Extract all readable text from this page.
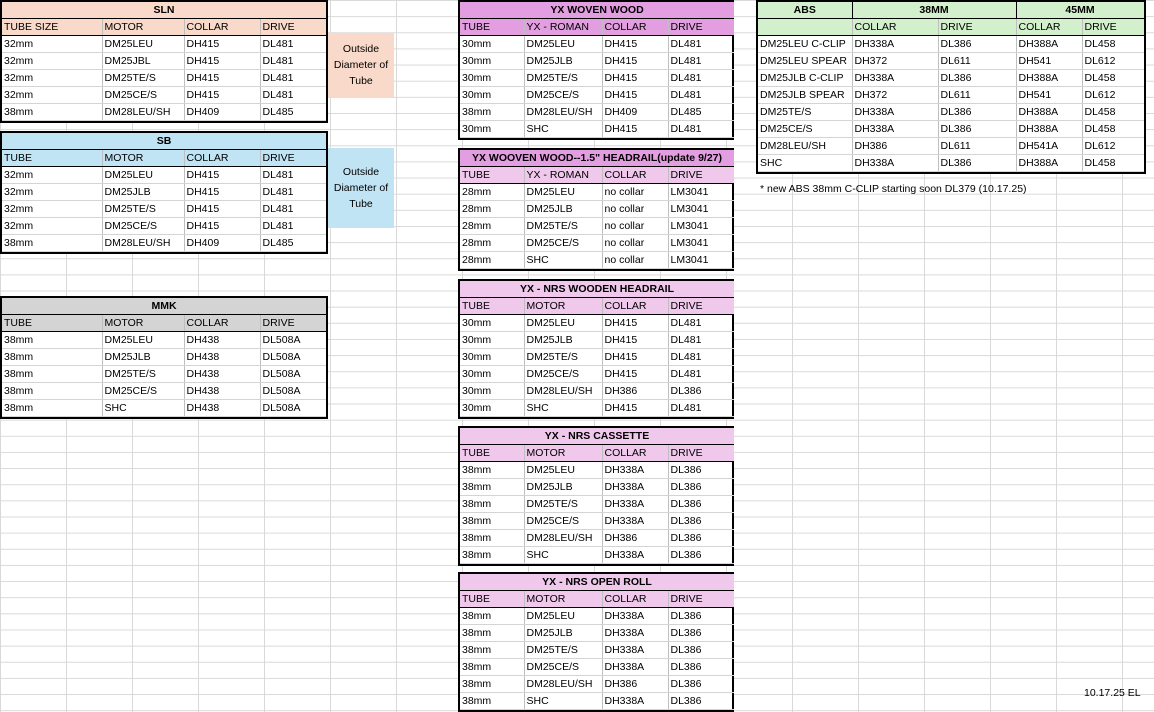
SLN			
TUBE SIZE	MOTOR	COLLAR	DRIVE
32mm	DM25LEU	DH415	DL481
32mm	DM25JBL	DH415	DL481
32mm	DM25TE/S	DH415	DL481
32mm	DM25CE/S	DH415	DL481
38mm	DM28LEU/SH	DH409	DL485
Outside Diameter of Tube
SB			
TUBE	MOTOR	COLLAR	DRIVE
32mm	DM25LEU	DH415	DL481
32mm	DM25JLB	DH415	DL481
32mm	DM25TE/S	DH415	DL481
32mm	DM25CE/S	DH415	DL481
38mm	DM28LEU/SH	DH409	DL485
Outside Diameter of Tube
MMK			
TUBE	MOTOR	COLLAR	DRIVE
38mm	DM25LEU	DH438	DL508A
38mm	DM25JLB	DH438	DL508A
38mm	DM25TE/S	DH438	DL508A
38mm	DM25CE/S	DH438	DL508A
38mm	SHC	DH438	DL508A
YX WOVEN WOOD			
TUBE	YX - ROMAN	COLLAR	DRIVE
30mm	DM25LEU	DH415	DL481
30mm	DM25JLB	DH415	DL481
30mm	DM25TE/S	DH415	DL481
30mm	DM25CE/S	DH415	DL481
38mm	DM28LEU/SH	DH409	DL485
30mm	SHC	DH415	DL481
YX WOOVEN WOOD--1.5" HEADRAIL(update 9/27)			
TUBE	YX - ROMAN	COLLAR	DRIVE
28mm	DM25LEU	no collar	LM3041
28mm	DM25JLB	no collar	LM3041
28mm	DM25TE/S	no collar	LM3041
28mm	DM25CE/S	no collar	LM3041
28mm	SHC	no collar	LM3041
YX - NRS WOODEN HEADRAIL			
TUBE	MOTOR	COLLAR	DRIVE
30mm	DM25LEU	DH415	DL481
30mm	DM25JLB	DH415	DL481
30mm	DM25TE/S	DH415	DL481
30mm	DM25CE/S	DH415	DL481
30mm	DM28LEU/SH	DH386	DL386
30mm	SHC	DH415	DL481
YX - NRS CASSETTE			
TUBE	MOTOR	COLLAR	DRIVE
38mm	DM25LEU	DH338A	DL386
38mm	DM25JLB	DH338A	DL386
38mm	DM25TE/S	DH338A	DL386
38mm	DM25CE/S	DH338A	DL386
38mm	DM28LEU/SH	DH386	DL386
38mm	SHC	DH338A	DL386
YX - NRS OPEN ROLL			
TUBE	MOTOR	COLLAR	DRIVE
38mm	DM25LEU	DH338A	DL386
38mm	DM25JLB	DH338A	DL386
38mm	DM25TE/S	DH338A	DL386
38mm	DM25CE/S	DH338A	DL386
38mm	DM28LEU/SH	DH386	DL386
38mm	SHC	DH338A	DL386
ABS	38MM		45MM	
	COLLAR	DRIVE	COLLAR	DRIVE
DM25LEU C-CLIP	DH338A	DL386	DH388A	DL458
DM25LEU SPEAR	DH372	DL611	DH541	DL612
DM25JLB C-CLIP	DH338A	DL386	DH388A	DL458
DM25JLB SPEAR	DH372	DL611	DH541	DL612
DM25TE/S	DH338A	DL386	DH388A	DL458
DM25CE/S	DH338A	DL386	DH388A	DL458
DM28LEU/SH	DH386	DL611	DH541A	DL612
SHC	DH338A	DL386	DH388A	DL458
* new ABS 38mm C-CLIP starting soon DL379 (10.17.25)
10.17.25 EL
